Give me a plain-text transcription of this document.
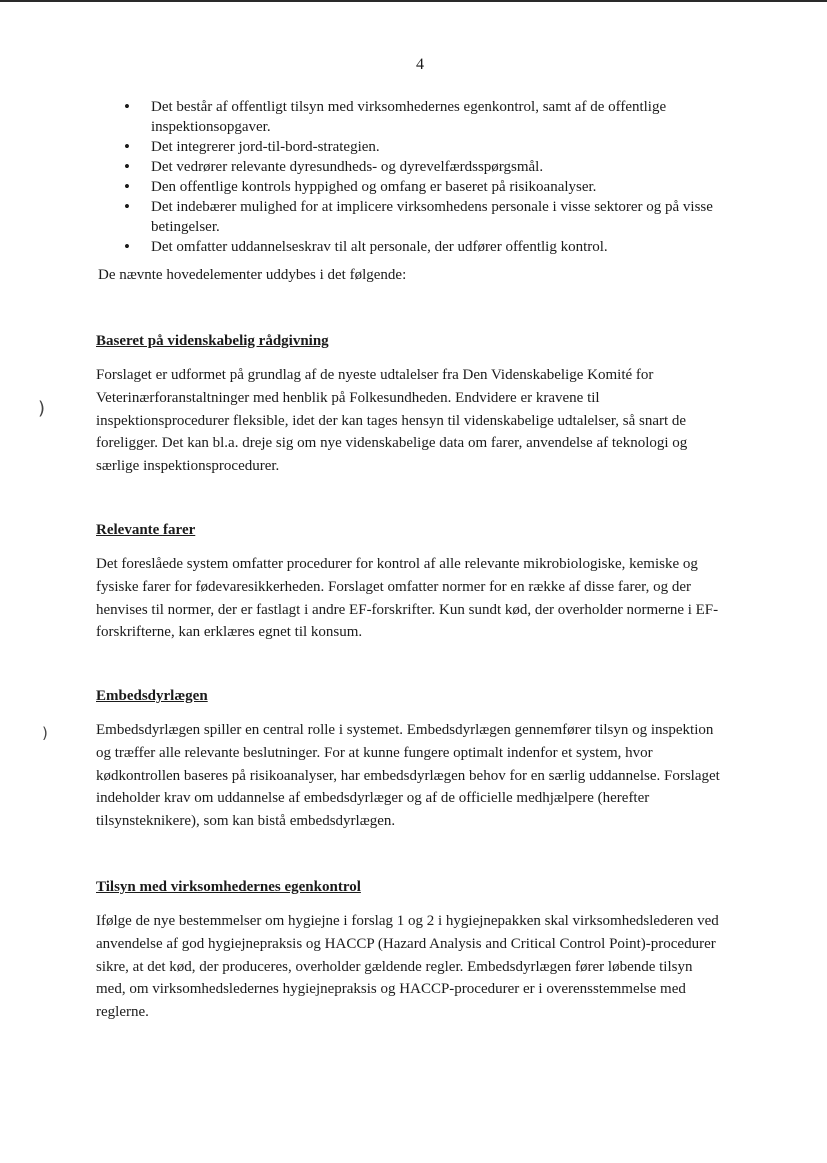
)
)
4
• Det består af offentligt tilsyn med virksomhedernes egenkontrol, samt af de offentlige inspektionsopgaver.
• Det integrerer jord-til-bord-strategien.
• Det vedrører relevante dyresundheds- og dyrevelfærdsspørgsmål.
• Den offentlige kontrols hyppighed og omfang er baseret på risikoanalyser.
• Det indebærer mulighed for at implicere virksomhedens personale i visse sektorer og på visse betingelser.
• Det omfatter uddannelseskrav til alt personale, der udfører offentlig kontrol.

De nævnte hovedelementer uddybes i det følgende:

Baseret på videnskabelig rådgivning

Forslaget er udformet på grundlag af de nyeste udtalelser fra Den Videnskabelige Komité for Veterinærforanstaltninger med henblik på Folkesundheden. Endvidere er kravene til inspektionsprocedurer fleksible, idet der kan tages hensyn til videnskabelige udtalelser, så snart de foreligger. Det kan bl.a. dreje sig om nye videnskabelige data om farer, anvendelse af teknologi og særlige inspektionsprocedurer.

Relevante farer

Det foreslåede system omfatter procedurer for kontrol af alle relevante mikrobiologiske, kemiske og fysiske farer for fødevaresikkerheden. Forslaget omfatter normer for en række af disse farer, og der henvises til normer, der er fastlagt i andre EF-forskrifter. Kun sundt kød, der overholder normerne i EF-forskrifterne, kan erklæres egnet til konsum.

Embedsdyrlægen

Embedsdyrlægen spiller en central rolle i systemet. Embedsdyrlægen gennemfører tilsyn og inspektion og træffer alle relevante beslutninger. For at kunne fungere optimalt indenfor et system, hvor kødkontrollen baseres på risikoanalyser, har embedsdyrlægen behov for en særlig uddannelse. Forslaget indeholder krav om uddannelse af embedsdyrlæger og af de officielle medhjælpere (herefter tilsynsteknikere), som kan bistå embedsdyrlægen.

Tilsyn med virksomhedernes egenkontrol

Ifølge de nye bestemmelser om hygiejne i forslag 1 og 2 i hygiejnepakken skal virksomhedslederen ved anvendelse af god hygiejnepraksis og HACCP (Hazard Analysis and Critical Control Point)-procedurer sikre, at det kød, der produceres, overholder gældende regler. Embedsdyrlægen fører løbende tilsyn med, om virksomhedsledernes hygiejnepraksis og HACCP-procedurer er i overensstemmelse med reglerne.
